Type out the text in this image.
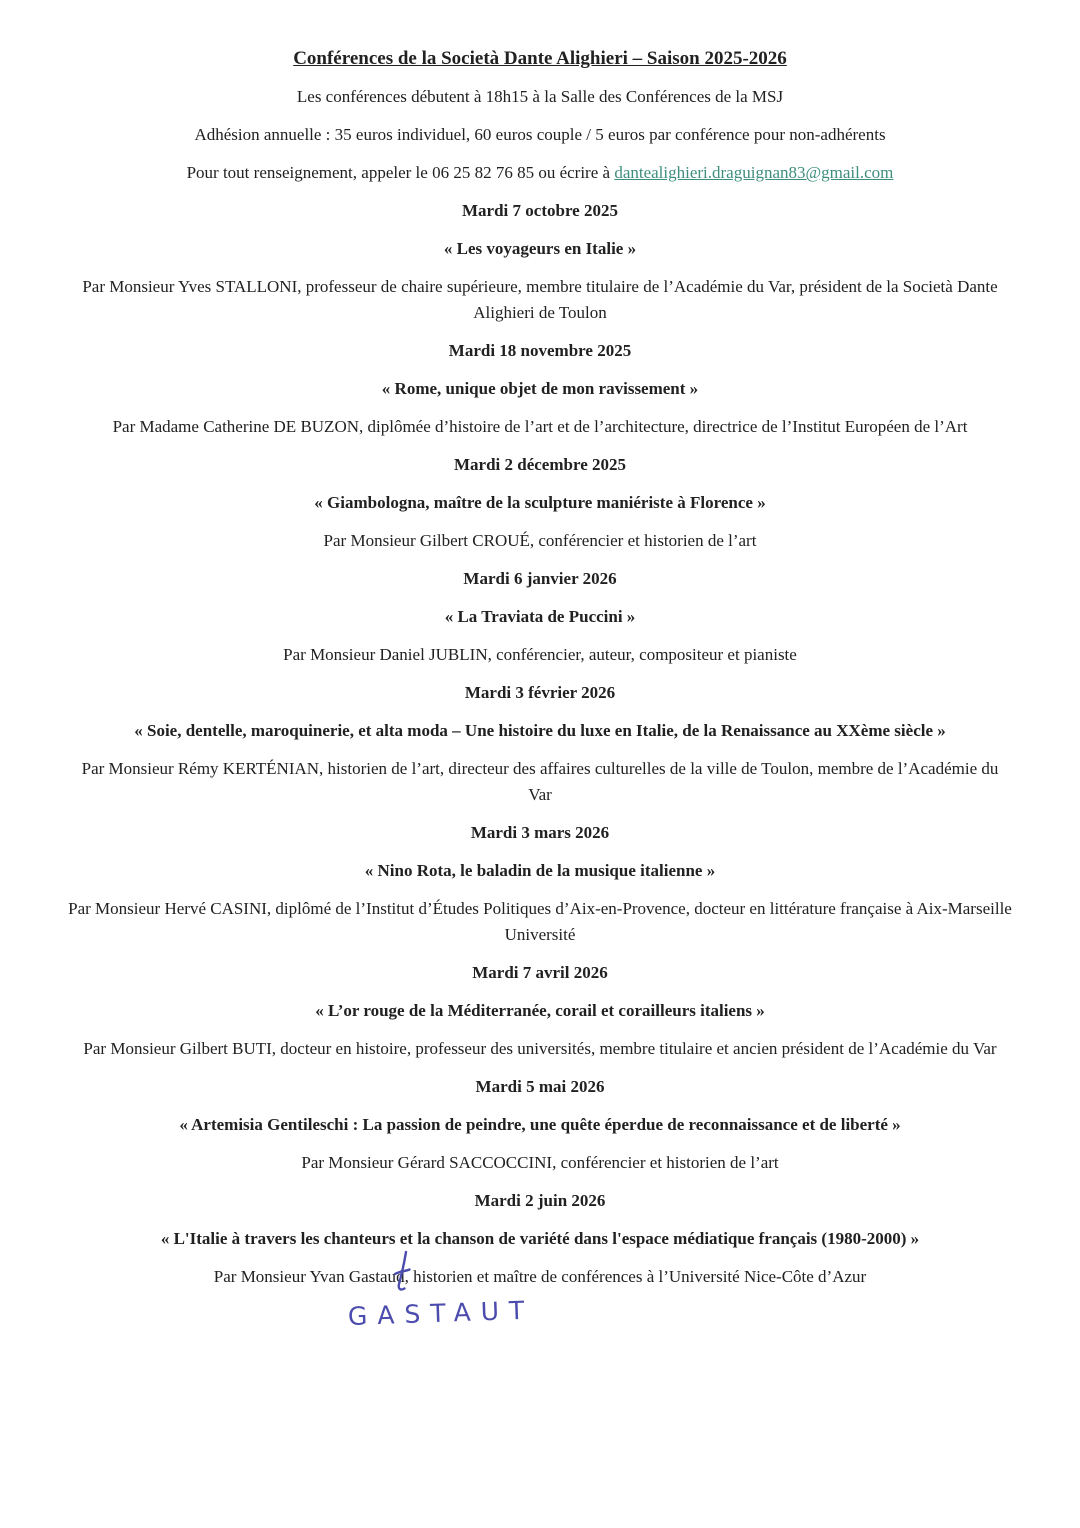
Conférences de la Società Dante Alighieri – Saison 2025-2026

Les conférences débutent à 18h15 à la Salle des Conférences de la MSJ

Adhésion annuelle : 35 euros individuel, 60 euros couple / 5 euros par conférence pour non-adhérents

Pour tout renseignement, appeler le 06 25 82 76 85 ou écrire à dantealighieri.draguignan83@gmail.com

Mardi 7 octobre 2025

« Les voyageurs en Italie »

Par Monsieur Yves STALLONI, professeur de chaire supérieure, membre titulaire de l’Académie du Var, président de la Società Dante Alighieri de Toulon

Mardi 18 novembre 2025

« Rome, unique objet de mon ravissement »

Par Madame Catherine DE BUZON, diplômée d’histoire de l’art et de l’architecture, directrice de l’Institut Européen de l’Art

Mardi 2 décembre 2025

« Giambologna, maître de la sculpture maniériste à Florence »

Par Monsieur Gilbert CROUÉ, conférencier et historien de l’art

Mardi 6 janvier 2026

« La Traviata de Puccini »

Par Monsieur Daniel JUBLIN, conférencier, auteur, compositeur et pianiste

Mardi 3 février 2026

« Soie, dentelle, maroquinerie, et alta moda – Une histoire du luxe en Italie, de la Renaissance au XXème siècle »

Par Monsieur Rémy KERTÉNIAN, historien de l’art, directeur des affaires culturelles de la ville de Toulon, membre de l’Académie du Var

Mardi 3 mars 2026

« Nino Rota, le baladin de la musique italienne »

Par Monsieur Hervé CASINI, diplômé de l’Institut d’Études Politiques d’Aix-en-Provence, docteur en littérature française à Aix-Marseille Université

Mardi 7 avril 2026

« L’or rouge de la Méditerranée, corail et corailleurs italiens »

Par Monsieur Gilbert BUTI, docteur en histoire, professeur des universités, membre titulaire et ancien président de l’Académie du Var

Mardi 5 mai 2026

« Artemisia Gentileschi : La passion de peindre, une quête éperdue de reconnaissance et de liberté »

Par Monsieur Gérard SACCOCCINI, conférencier et historien de l’art

Mardi 2 juin 2026

« L'Italie à travers les chanteurs et la chanson de variété dans l'espace médiatique français (1980-2000) »

Par Monsieur Yvan Gastaud,
historien et maître de conférences à l’Université Nice-Côte d’Azur

GASTAUT
